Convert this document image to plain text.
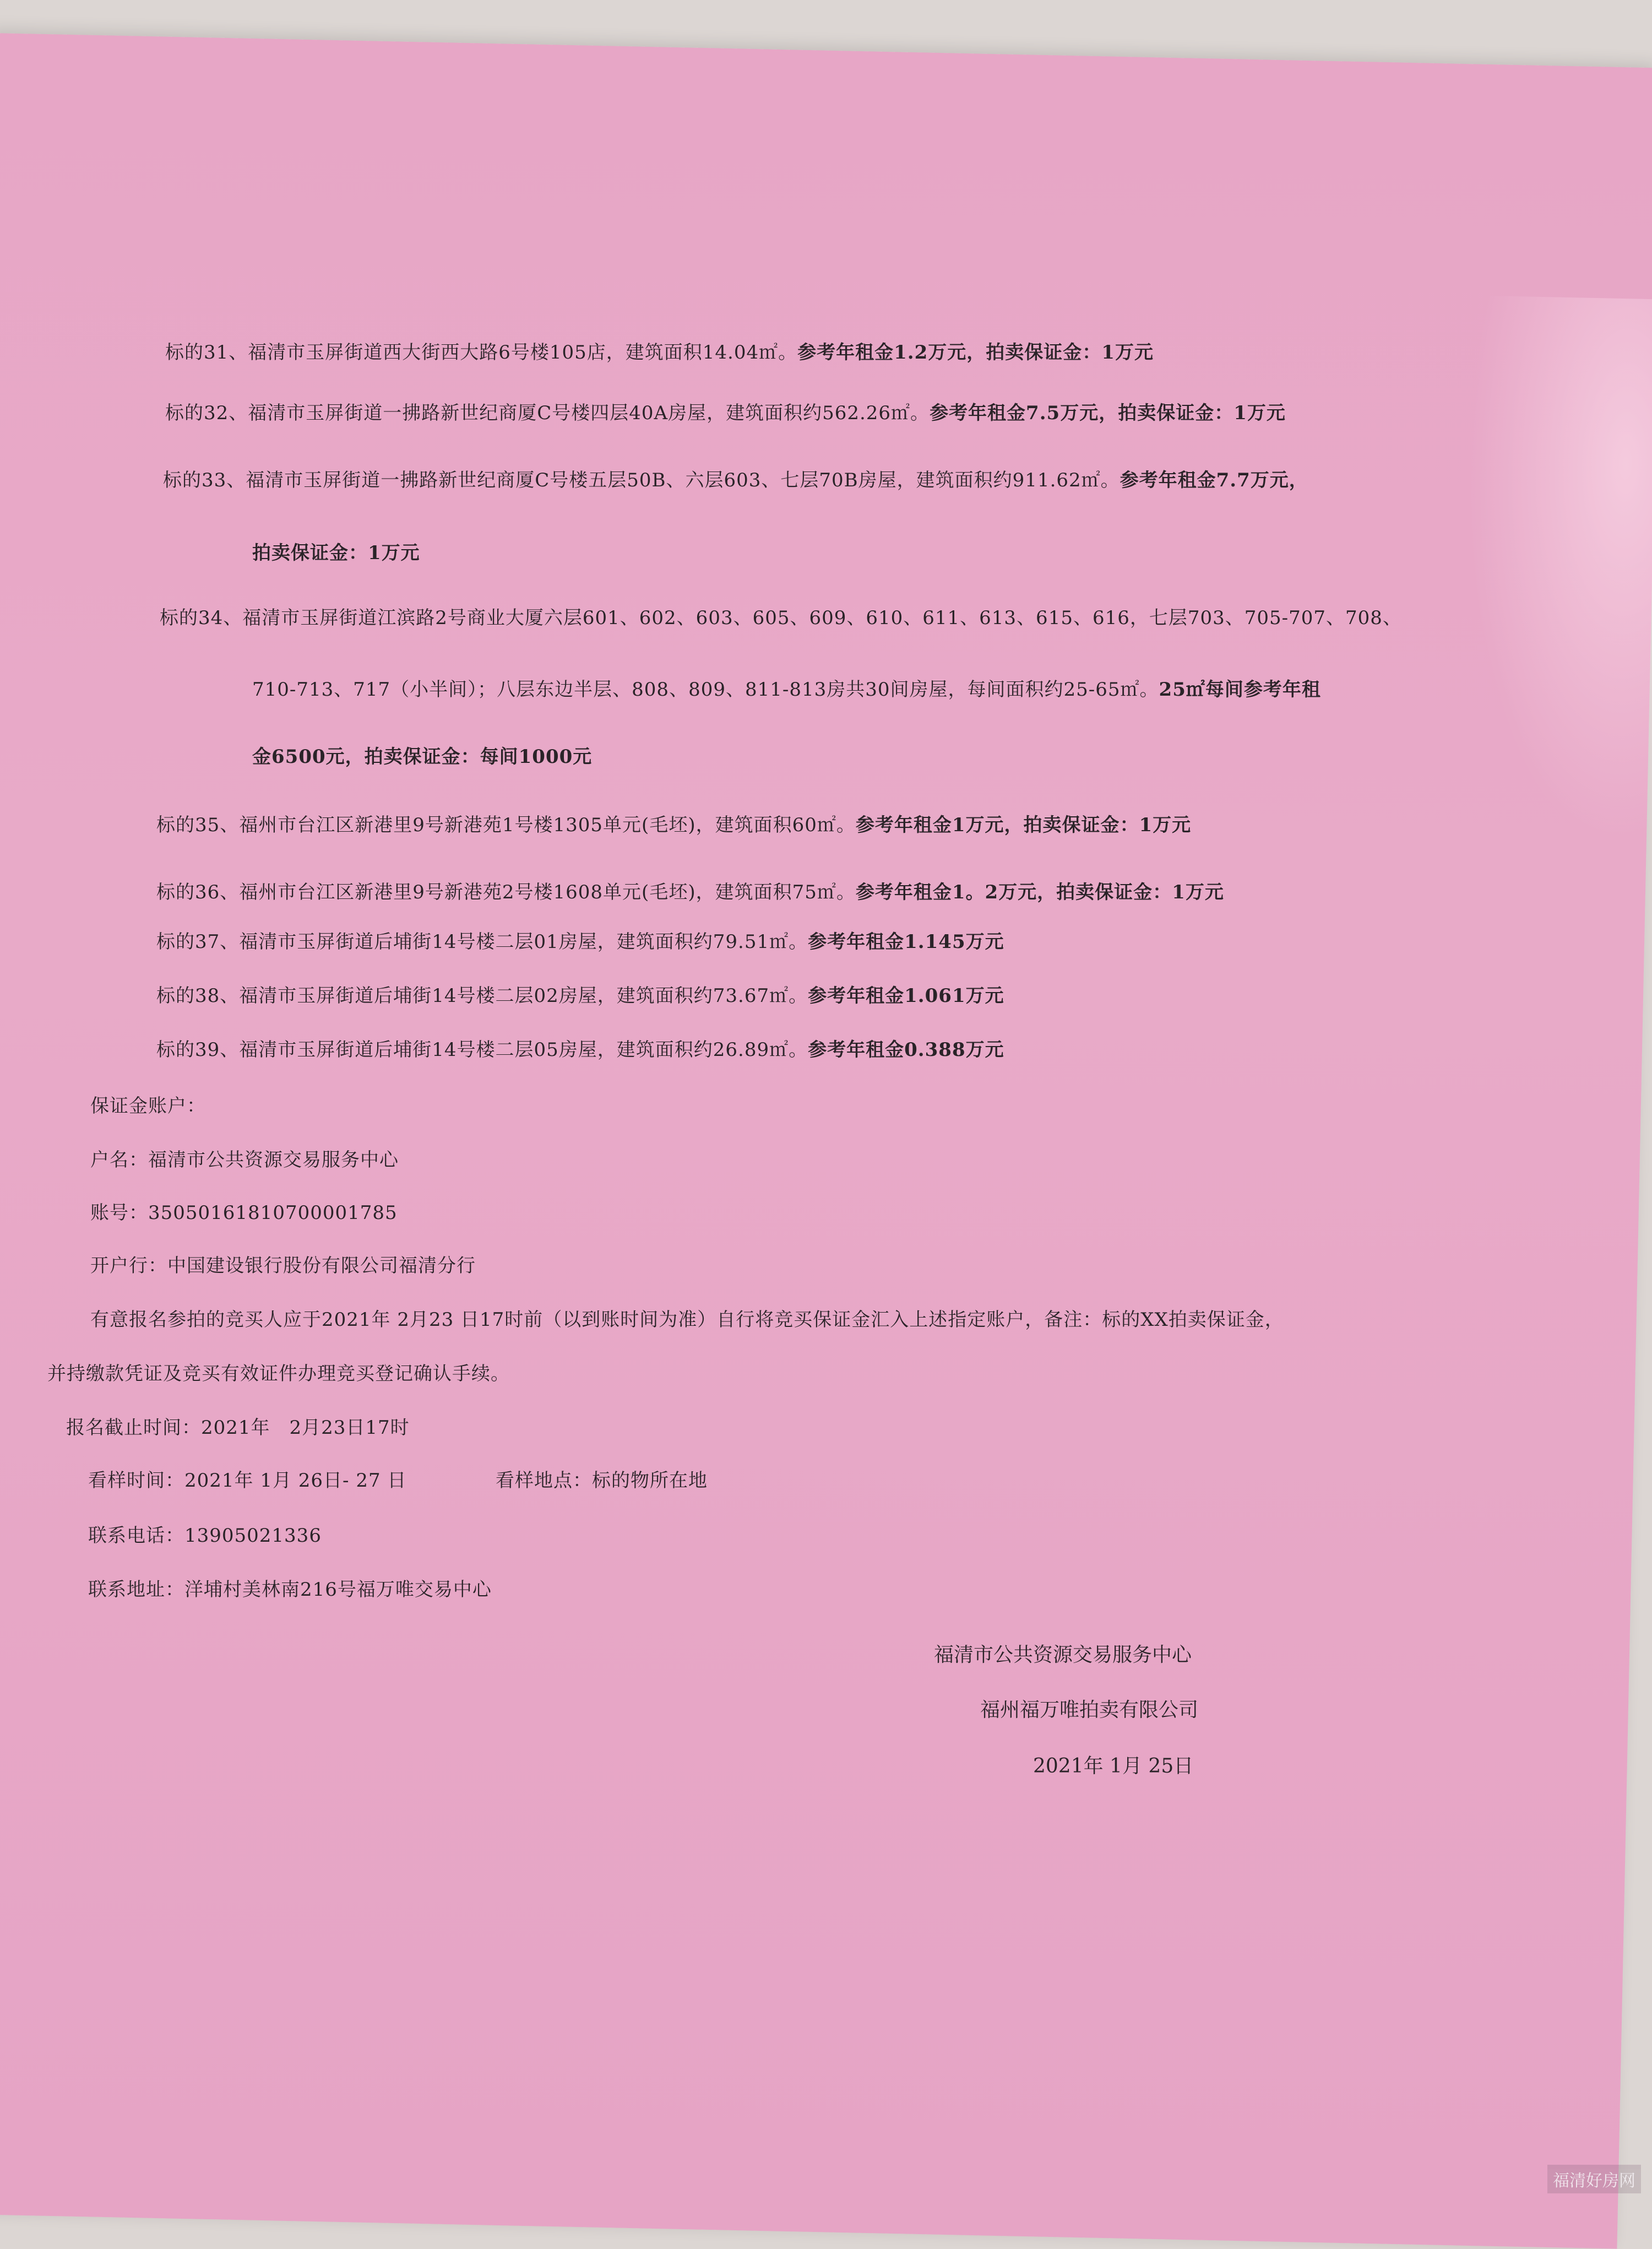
标的31、福清市玉屏街道西大街西大路6号楼105店，建筑面积14.04㎡。参考年租金1.2万元，拍卖保证金：1万元
标的32、福清市玉屏街道一拂路新世纪商厦C号楼四层40A房屋，建筑面积约562.26㎡。参考年租金7.5万元，拍卖保证金：1万元
标的33、福清市玉屏街道一拂路新世纪商厦C号楼五层50B、六层603、七层70B房屋，建筑面积约911.62㎡。参考年租金7.7万元，
拍卖保证金：1万元
标的34、福清市玉屏街道江滨路2号商业大厦六层601、602、603、605、609、610、611、613、615、616，七层703、705-707、708、
710-713、717（小半间）；八层东边半层、808、809、811-813房共30间房屋，每间面积约25-65㎡。25㎡每间参考年租
金6500元，拍卖保证金：每间1000元
标的35、福州市台江区新港里9号新港苑1号楼1305单元(毛坯)，建筑面积60㎡。参考年租金1万元，拍卖保证金：1万元
标的36、福州市台江区新港里9号新港苑2号楼1608单元(毛坯)，建筑面积75㎡。参考年租金1。2万元，拍卖保证金：1万元
标的37、福清市玉屏街道后埔街14号楼二层01房屋，建筑面积约79.51㎡。参考年租金1.145万元
标的38、福清市玉屏街道后埔街14号楼二层02房屋，建筑面积约73.67㎡。参考年租金1.061万元
标的39、福清市玉屏街道后埔街14号楼二层05房屋，建筑面积约26.89㎡。参考年租金0.388万元
保证金账户：
户名：福清市公共资源交易服务中心
账号：35050161810700001785
开户行：中国建设银行股份有限公司福清分行
有意报名参拍的竞买人应于2021年 2月23 日17时前（以到账时间为准）自行将竞买保证金汇入上述指定账户，备注：标的XX拍卖保证金，
并持缴款凭证及竞买有效证件办理竞买登记确认手续。
报名截止时间：2021年　2月23日17时
看样时间：2021年 1月 26日- 27 日	看样地点：标的物所在地
联系电话：13905021336
联系地址：洋埔村美林南216号福万唯交易中心
福清市公共资源交易服务中心
福州福万唯拍卖有限公司
2021年 1月 25日
福清好房网
